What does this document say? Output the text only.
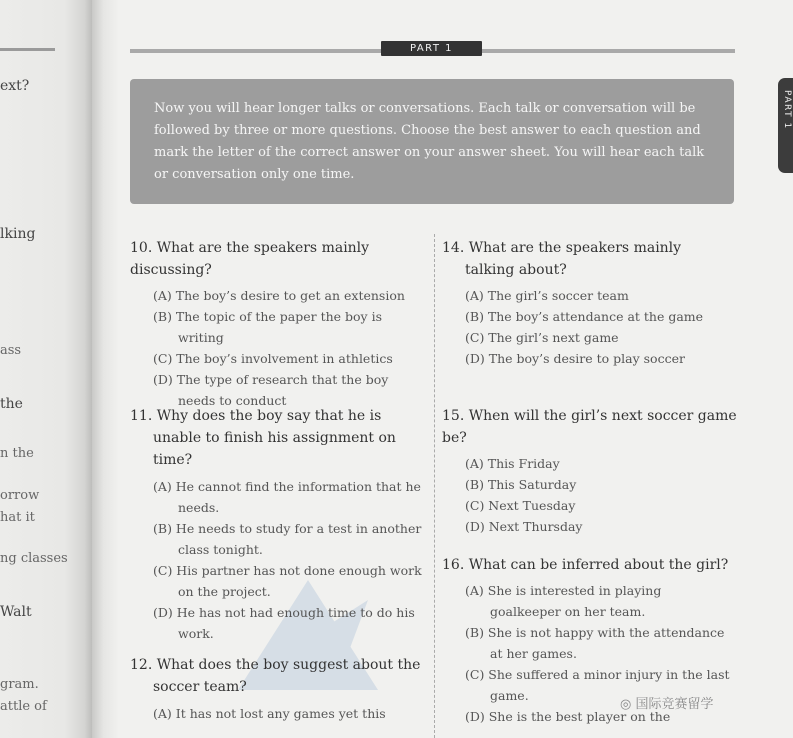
ext?
lking
ass
the
n the
orrow
hat it
ng classes
Walt
gram.
attle of
PART 1
PART 1
Now you will hear longer talks or conversations. Each talk or conversation will be followed by three or more questions. Choose the best answer to each question and mark the letter of the correct answer on your answer sheet. You will hear each talk or conversation only one time.
10. What are the speakers mainly discussing?
(A) The boy’s desire to get an extension
(B) The topic of the paper the boy is writing
(C) The boy’s involvement in athletics
(D) The type of research that the boy needs to conduct
11. Why does the boy say that he is unable to finish his assignment on time?
(A) He cannot find the information that he needs.
(B) He needs to study for a test in another class tonight.
(C) His partner has not done enough work on the project.
(D) He has not had enough time to do his work.
12. What does the boy suggest about the soccer team?
(A) It has not lost any games yet this
14. What are the speakers mainly talking about?
(A) The girl’s soccer team
(B) The boy’s attendance at the game
(C) The girl’s next game
(D) The boy’s desire to play soccer
15. When will the girl’s next soccer game be?
(A) This Friday
(B) This Saturday
(C) Next Tuesday
(D) Next Thursday
16. What can be inferred about the girl?
(A) She is interested in playing goalkeeper on her team.
(B) She is not happy with the attendance at her games.
(C) She suffered a minor injury in the last game.
(D) She is the best player on the
◎ 国际竞赛留学
